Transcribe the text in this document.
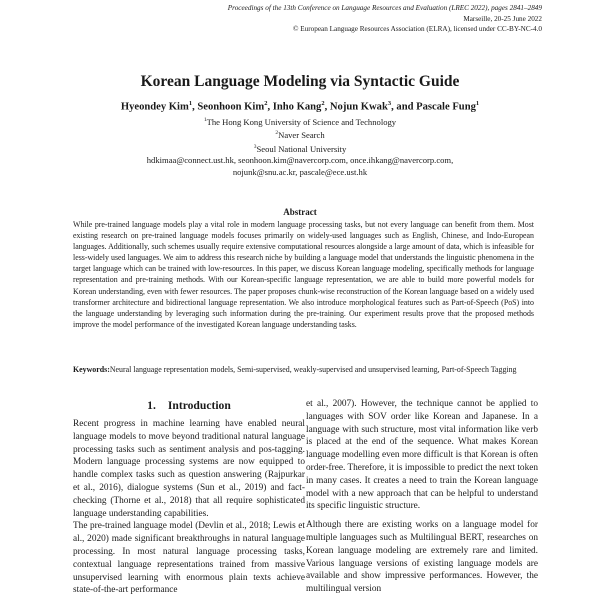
Proceedings of the 13th Conference on Language Resources and Evaluation (LREC 2022), pages 2841–2849
Marseille, 20-25 June 2022
© European Language Resources Association (ELRA), licensed under CC-BY-NC-4.0
Korean Language Modeling via Syntactic Guide
Hyeondey Kim$^1$, Seonhoon Kim$^2$, Inho Kang$^2$, Nojun Kwak$^3$, and Pascale Fung$^1$
$^1$The Hong Kong University of Science and Technology
$^2$Naver Search
$^3$Seoul National University
hdkimaa@connect.ust.hk, seonhoon.kim@navercorp.com, once.ihkang@navercorp.com,
nojunk@snu.ac.kr, pascale@ece.ust.hk
Abstract
While pre-trained language models play a vital role in modern language processing tasks, but not every language can benefit from them. Most existing research on pre-trained language models focuses primarily on widely-used languages such as English, Chinese, and Indo-European languages. Additionally, such schemes usually require extensive computational resources alongside a large amount of data, which is infeasible for less-widely used languages. We aim to address this research niche by building a language model that understands the linguistic phenomena in the target language which can be trained with low-resources. In this paper, we discuss Korean language modeling, specifically methods for language representation and pre-training methods. With our Korean-specific language representation, we are able to build more powerful models for Korean understanding, even with fewer resources. The paper proposes chunk-wise reconstruction of the Korean language based on a widely used transformer architecture and bidirectional language representation. We also introduce morphological features such as Part-of-Speech (PoS) into the language understanding by leveraging such information during the pre-training. Our experiment results prove that the proposed methods improve the model performance of the investigated Korean language understanding tasks.
Keywords:Neural language representation models, Semi-supervised, weakly-supervised and unsupervised learning, Part-of-Speech Tagging
1. Introduction

Recent progress in machine learning have enabled neural language models to move beyond traditional natural language processing tasks such as sentiment analysis and pos-tagging. Modern language processing systems are now equipped to handle complex tasks such as question answering (Rajpurkar et al., 2016), dialogue systems (Sun et al., 2019) and fact-checking (Thorne et al., 2018) that all require sophisticated language understanding capabilities.

The pre-trained language model (Devlin et al., 2018; Lewis et al., 2020) made significant breakthroughs in natural language processing. In most natural language processing tasks, contextual language representations trained from massive unsupervised learning with enormous plain texts achieve state-of-the-art performance

et al., 2007). However, the technique cannot be applied to languages with SOV order like Korean and Japanese. In a language with such structure, most vital information like verb is placed at the end of the sequence. What makes Korean language modelling even more difficult is that Korean is often order-free. Therefore, it is impossible to predict the next token in many cases. It creates a need to train the Korean language model with a new approach that can be helpful to understand its specific linguistic structure.

Although there are existing works on a language model for multiple languages such as Multilingual BERT, researches on Korean language modeling are extremely rare and limited. Various language versions of existing language models are available and show impressive performances. However, the multilingual version
